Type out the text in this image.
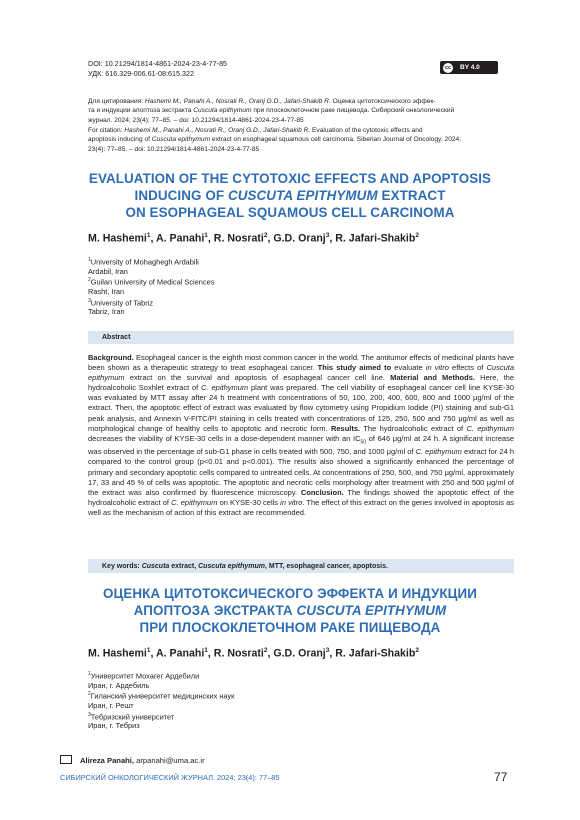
DOI: 10.21294/1814-4861-2024-23-4-77-85
УДК: 616.329-006.61-08:615.322
cc BY 4.0
Для цитирования: Hashemi M., Panahi A., Nosrati R., Oranj G.D., Jafari-Shakib R. Оценка цитотоксического эффек-
та и индукции апоптоза экстракта Cuscuta epithymum при плоскоклеточном раке пищевода. Сибирский онкологический
журнал. 2024; 23(4): 77–85. – doi: 10.21294/1814-4861-2024-23-4-77-85
For citation: Hashemi M., Panahi A., Nosrati R., Oranj G.D., Jafari-Shakib R. Evaluation of the cytotoxic effects and
apoptosis inducing of Cuscuta epithymum extract on esophageal squamous cell carcinoma. Siberian Journal of Oncology. 2024;
23(4): 77–85. – doi: 10.21294/1814-4861-2024-23-4-77-85
EVALUATION OF THE CYTOTOXIC EFFECTS AND APOPTOSIS
INDUCING OF CUSCUTA EPITHYMUM EXTRACT
ON ESOPHAGEAL SQUAMOUS CELL CARCINOMA
M. Hashemi$^1$, A. Panahi$^1$, R. Nosrati$^2$, G.D. Oranj$^3$, R. Jafari-Shakib$^2$
$^1$University of Mohaghegh Ardabili
Ardabil, Iran
$^2$Guilan University of Medical Sciences
Rasht, Iran
$^3$University of Tabriz
Tabriz, Iran
Abstract
Background. Esophageal cancer is the eighth most common cancer in the world. The antitumor effects of medicinal plants have been shown as a therapeutic strategy to treat esophageal cancer. This study aimed to evaluate in vitro effects of Cuscuta epithymum extract on the survival and apoptosis of esophageal cancer cell line. Material and Methods. Here, the hydroalcoholic Soxhlet extract of C. epithymum plant was prepared. The cell viability of esophageal cancer cell line KYSE-30 was evaluated by MTT assay after 24 h treatment with concentrations of 50, 100, 200, 400, 600, 800 and 1000 μg/ml of the extract. Then, the apoptotic effect of extract was evaluated by flow cytometry using Propidium Iodide (PI) staining and sub-G1 peak analysis, and Annexin V-FITC/PI staining in cells treated with concentrations of 125, 250, 500 and 750 μg/ml as well as morphological change of healthy cells to apoptotic and necrotic form. Results. The hydroalcoholic extract of C. epithymum decreases the viability of KYSE-30 cells in a dose-dependent manner with an $IC_{50}$ of 646 μg/ml at 24 h. A significant increase was observed in the percentage of sub-G1 phase in cells treated with 500, 750, and 1000 μg/ml of C. epithymum extract for 24 h compared to the control group (p<0.01 and p<0.001). The results also showed a significantly enhanced the percentage of primary and secondary apoptotic cells compared to untreated cells. At concentrations of 250, 500, and 750 μg/ml, approximately 17, 33 and 45 % of cells was apoptotic. The apoptotic and necrotic cells morphology after treatment with 250 and 500 μg/ml of the extract was also confirmed by fluorescence microscopy. Conclusion. The findings showed the apoptotic effect of the hydroalcoholic extract of C. epithymum on KYSE-30 cells in vitro. The effect of this extract on the genes involved in apoptosis as well as the mechanism of action of this extract are recommended.
Key words: Cuscuta extract, Cuscuta epithymum, MTT, esophageal cancer, apoptosis.
ОЦЕНКА ЦИТОТОКСИЧЕСКОГО ЭФФЕКТА И ИНДУКЦИИ
АПОПТОЗА ЭКСТРАКТА CUSCUTA EPITHYMUM
ПРИ ПЛОСКОКЛЕТОЧНОМ РАКЕ ПИЩЕВОДА
M. Hashemi$^1$, A. Panahi$^1$, R. Nosrati$^2$, G.D. Oranj$^3$, R. Jafari-Shakib$^2$
$^1$Университет Мохагег Ардебили
Иран, г. Ардебиль
$^2$Гиланский университет медицинских наук
Иран, г. Решт
$^3$Тебризский университет
Иран, г. Тебриз
Alireza Panahi, arpanahi@uma.ac.ir
СИБИРСКИЙ ОНКОЛОГИЧЕСКИЙ ЖУРНАЛ. 2024; 23(4): 77–85	77
